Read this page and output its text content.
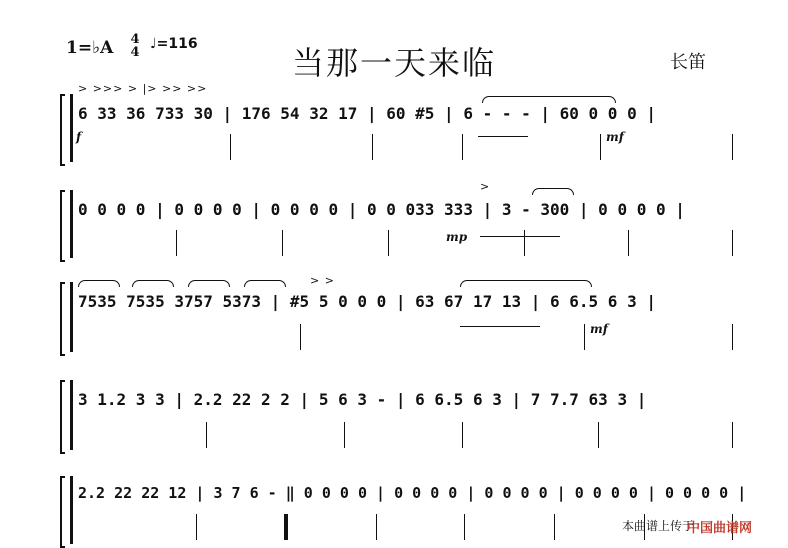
1=♭A 4
4
♩=116	当那一天来临	长笛
> >>> > |> >> >>
6 33 36 733 30 | 176 54 32 17 | 60 #5 | 6 - - - | 60 0 0 0 |
f	mf
>
0 0 0 0 | 0 0 0 0 | 0 0 0 0 | 0 0 033 333 | 3 - 300 | 0 0 0 0 |
mp
> >
7535 7535 3757 5373 | #5 5 0 0 0 | 63 67 17 13 | 6 6.5 6 3 |
mf
3 1.2 3 3 | 2.2 22 2 2 | 5 6 3 - | 6 6.5 6 3 | 7 7.7 63 3 |
2.2 22 22 12 | 3 7 6 - ‖ 0 0 0 0 | 0 0 0 0 | 0 0 0 0 | 0 0 0 0 | 0 0 0 0 |
本曲谱上传于
中国曲谱网
